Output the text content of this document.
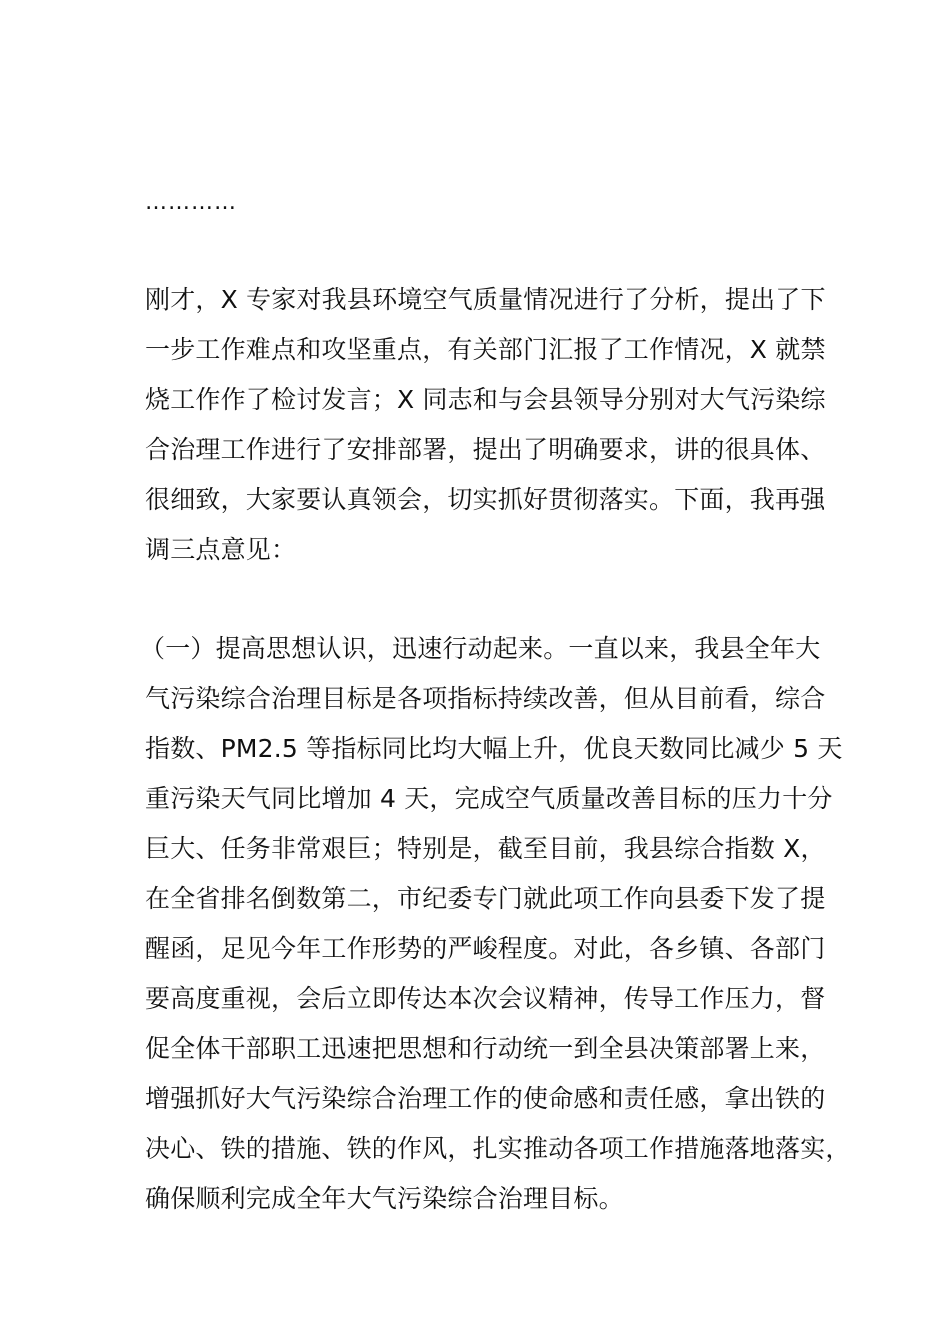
…………
刚才，X 专家对我县环境空气质量情况进行了分析，提出了下
一步工作难点和攻坚重点，有关部门汇报了工作情况，X 就禁
烧工作作了检讨发言；X 同志和与会县领导分别对大气污染综
合治理工作进行了安排部署，提出了明确要求，讲的很具体、
很细致，大家要认真领会，切实抓好贯彻落实。下面，我再强
调三点意见：
（一）提高思想认识，迅速行动起来。一直以来，我县全年大
气污染综合治理目标是各项指标持续改善，但从目前看，综合
指数、PM2.5 等指标同比均大幅上升，优良天数同比减少 5 天
重污染天气同比增加 4 天，完成空气质量改善目标的压力十分
巨大、任务非常艰巨；特别是，截至目前，我县综合指数 X，
在全省排名倒数第二，市纪委专门就此项工作向县委下发了提
醒函，足见今年工作形势的严峻程度。对此，各乡镇、各部门
要高度重视，会后立即传达本次会议精神，传导工作压力，督
促全体干部职工迅速把思想和行动统一到全县决策部署上来，
增强抓好大气污染综合治理工作的使命感和责任感，拿出铁的
决心、铁的措施、铁的作风，扎实推动各项工作措施落地落实，
确保顺利完成全年大气污染综合治理目标。
